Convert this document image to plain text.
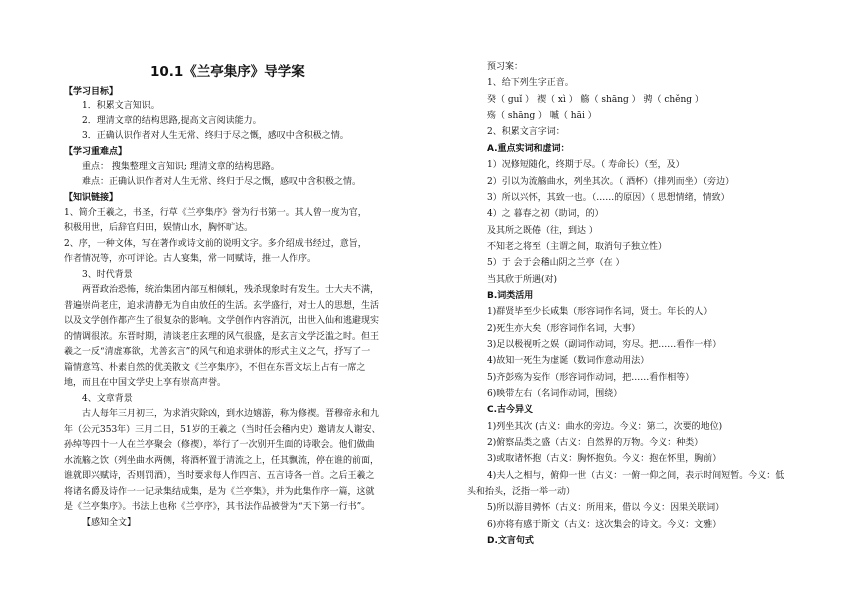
10.1《兰亭集序》导学案
【学习目标】
1．积累文言知识。
2．理清文章的结构思路,提高文言阅读能力。
3．正确认识作者对人生无常、终归于尽之慨，感叹中含积极之情。
【学习重难点】
重点： 搜集整理文言知识; 理清文章的结构思路。
难点：正确认识作者对人生无常、终归于尽之慨，感叹中含积极之情。
【知识链接】
1、简介王羲之，书圣，行草《兰亭集序》誉为行书第一。其人曾一度为官，
积极用世，后辞官归田，娱情山水，胸怀旷达。
2、序，一种文体，写在著作或诗文前的说明文字。多介绍成书经过，意旨，
作者情况等，亦可评论。古人宴集，常一同赋诗，推一人作序。
3、时代背景
两晋政治恐怖，统治集团内部互相倾轧，残杀现象时有发生。士大夫不满，
普遍崇尚老庄，追求清静无为自由放任的生活。玄学盛行，对士人的思想，生活
以及文学创作都产生了很复杂的影响。文学创作内容消沉，出世入仙和逃避现实
的情调很浓。东晋时期，清谈老庄玄理的风气很盛，是玄言文学泛滥之时。但王
羲之一反“清虚寡欲，尤善玄言”的风气和追求骈体的形式主义之气，抒写了一
篇情意笃、朴素自然的优美散文《兰亭集序》，不但在东晋文坛上占有一席之
地，而且在中国文学史上享有崇高声誉。
4、文章背景
古人每年三月初三，为求消灾除凶，到水边嬉游，称为修禊。晋穆帝永和九
年（公元353年）三月二日，51岁的王羲之（当时任会稽内史）邀请友人谢安、
孙绰等四十一人在兰亭聚会（修禊），举行了一次别开生面的诗歌会。他们做曲
水流觞之饮（列坐曲水两侧，将酒杯置于清流之上，任其飘流，停在谁的前面，
谁就即兴赋诗，否则罚酒），当时要求每人作四言、五言诗各一首。之后王羲之
将诸名爵及诗作一一记录集结成集，是为《兰亭集》，并为此集作序一篇，这就
是《兰亭集序》。书法上也称《兰亭序》，其书法作品被誉为“天下第一行书”。
【感知全文】
预习案：
1、给下列生字正音。
癸（ guǐ ） 禊（ xì ） 觞（ shāng ） 骋（ chěng ）
殇（ shāng ） 嘁（ hāi ）
2、积累文言字词：
A.重点实词和虚词：
1）况修短随化，终期于尽。（ 寿命长）（至，及）
2）引以为流觞曲水，列坐其次。（ 酒杯）（排列而坐）（旁边）
3）所以兴怀，其致一也。（……的原因）（ 思想情绪，情致）
4）之 暮春之初（助词，的）
及其所之既倦（往，到达 ）
不知老之将至（主谓之间，取消句子独立性）
5）于 会于会稽山阴之兰亭（在 ）
当其欣于所遇(对)
B.词类活用
1)群贤毕至少长咸集（形容词作名词，贤士。年长的人）
2)死生亦大矣（形容词作名词，大事）
3)足以极视听之娱（副词作动词，穷尽。把……看作一样）
4)故知一死生为虚诞（数词作意动用法）
5)齐彭殇为妄作（形容词作动词，把……看作相等）
6)映带左右（名词作动词，围绕）
C.古今异义
1)列坐其次 (古义：曲水的旁边。今义：第二，次要的地位)
2)俯察品类之盛（古义：自然界的万物。今义：种类）
3)或取诸怀抱（古义：胸怀抱负。今义：抱在怀里，胸前）
4)夫人之相与，俯仰一世（古义：一俯一仰之间，表示时间短暂。今义：低
头和抬头，泛指一举一动）
5)所以游目骋怀（古义：所用来，借以 今义：因果关联词）
6)亦将有感于斯文（古义：这次集会的诗文。今义：文雅）
D.文言句式
